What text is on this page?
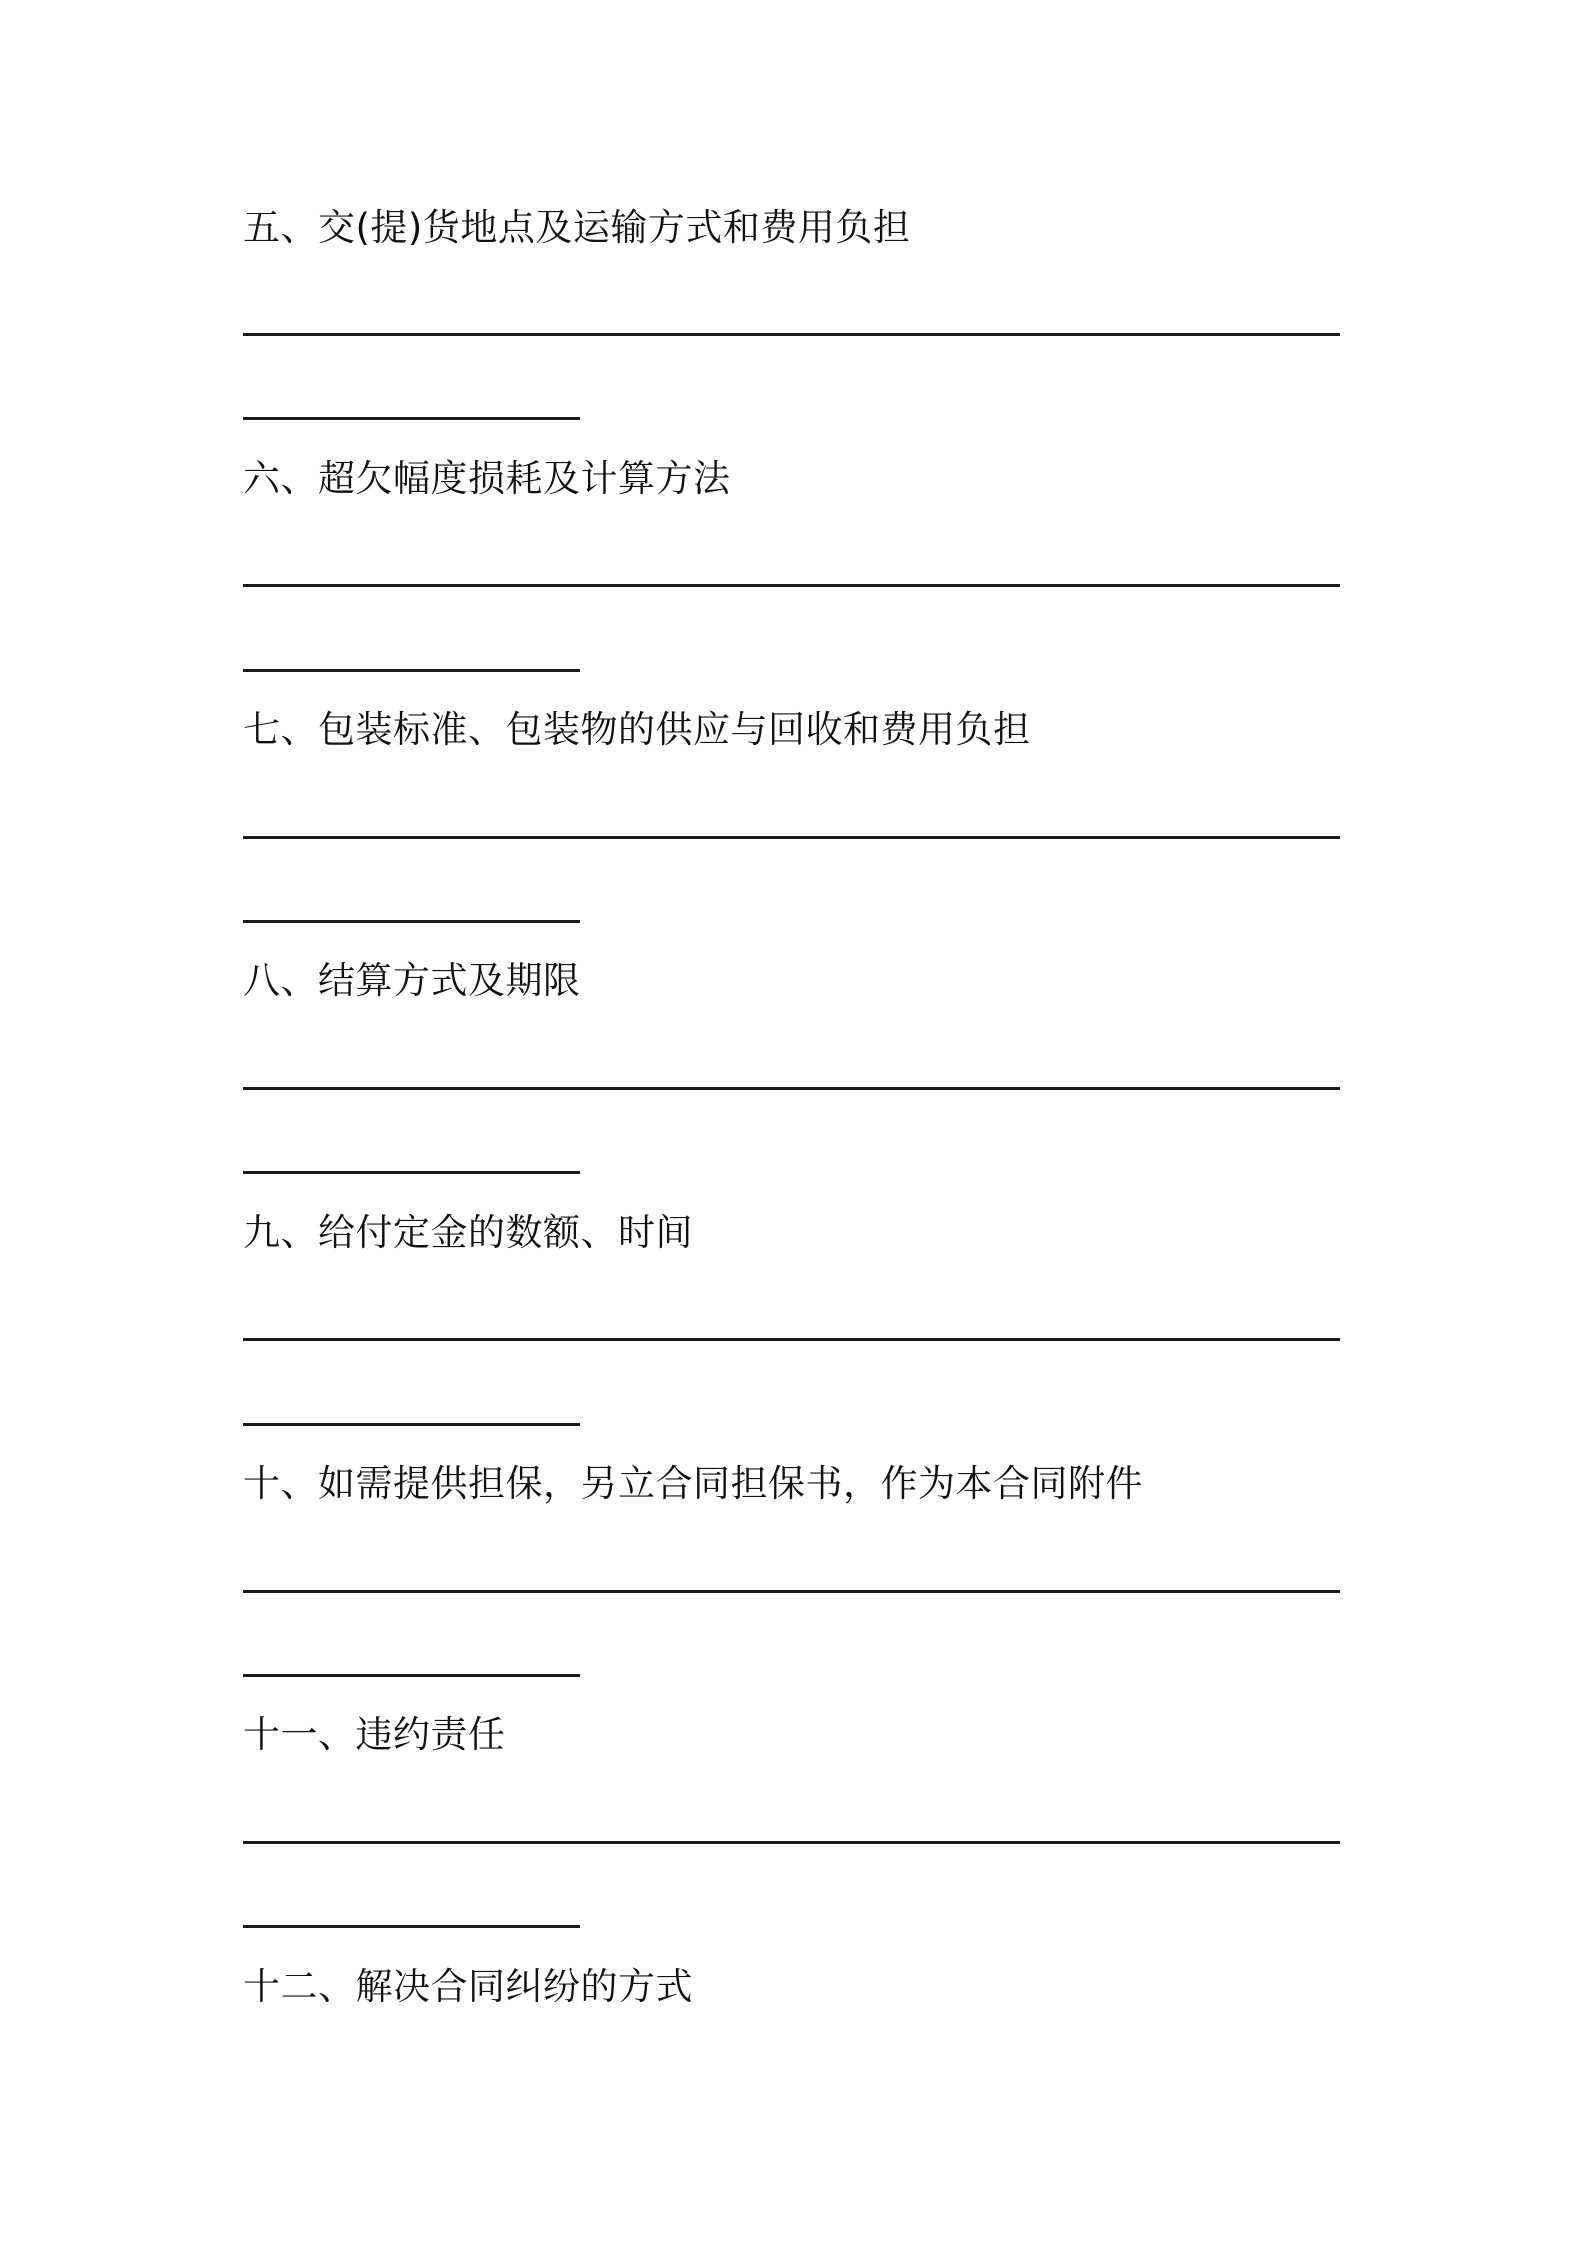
五、交(提)货地点及运输方式和费用负担
六、超欠幅度损耗及计算方法
七、包装标准、包装物的供应与回收和费用负担
八、结算方式及期限
九、给付定金的数额、时间
十、如需提供担保，另立合同担保书，作为本合同附件
十一、违约责任
十二、解决合同纠纷的方式
